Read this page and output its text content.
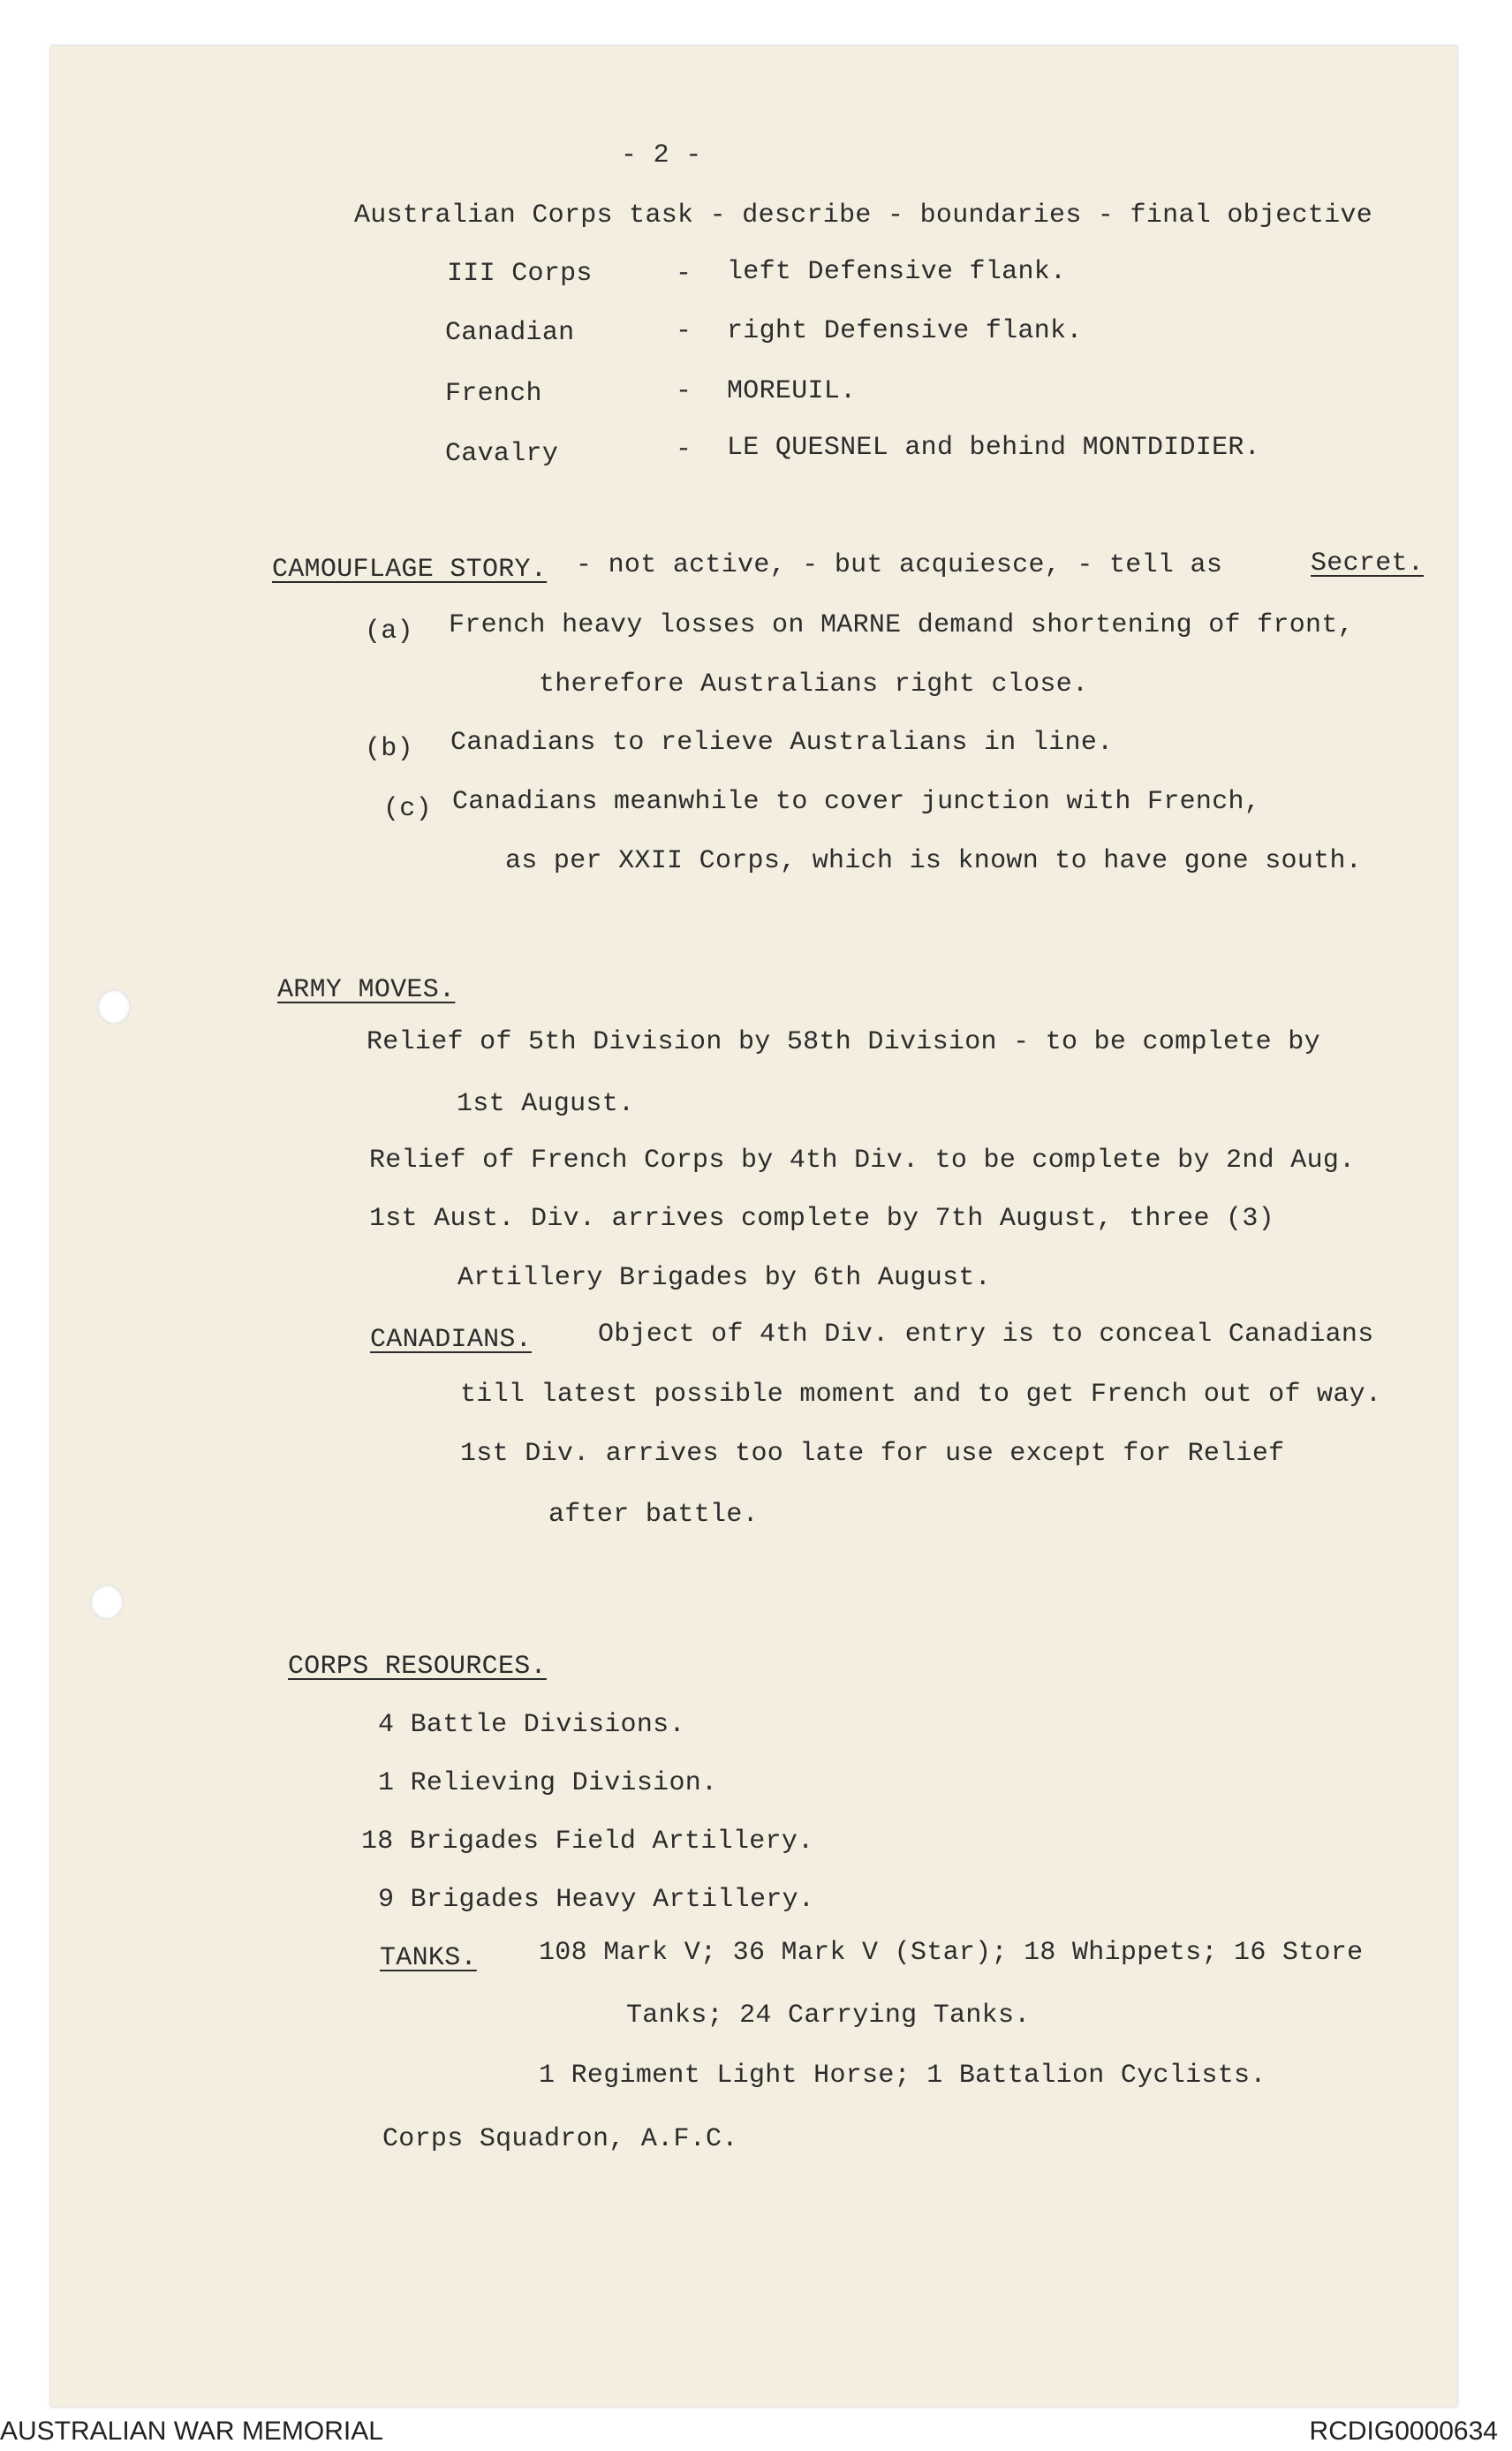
- 2 -
Australian Corps task - describe - boundaries - final objective
III Corps	- left Defensive flank.
Canadian	- right Defensive flank.
French	- MOREUIL.
Cavalry	- LE QUESNEL and behind MONTDIDIER.
CAMOUFLAGE STORY. - not active, - but acquiesce, - tell as	Secret.
(a) French heavy losses on MARNE demand shortening of front,
therefore Australians right close.
(b) Canadians to relieve Australians in line.
(c) Canadians meanwhile to cover junction with French,
as per XXII Corps, which is known to have gone south.
ARMY MOVES.
Relief of 5th Division by 58th Division - to be complete by
1st August.
Relief of French Corps by 4th Div. to be complete by 2nd Aug.
1st Aust. Div. arrives complete by 7th August, three (3)
Artillery Brigades by 6th August.
CANADIANS. Object of 4th Div. entry is to conceal Canadians
till latest possible moment and to get French out of way.
1st Div. arrives too late for use except for Relief
after battle.
CORPS RESOURCES.
4 Battle Divisions.
1 Relieving Division.
18 Brigades Field Artillery.
9 Brigades Heavy Artillery.
TANKS. 108 Mark V; 36 Mark V (Star); 18 Whippets; 16 Store
Tanks; 24 Carrying Tanks.
1 Regiment Light Horse; 1 Battalion Cyclists.
Corps Squadron, A.F.C.
AUSTRALIAN WAR MEMORIAL	RCDIG0000634
